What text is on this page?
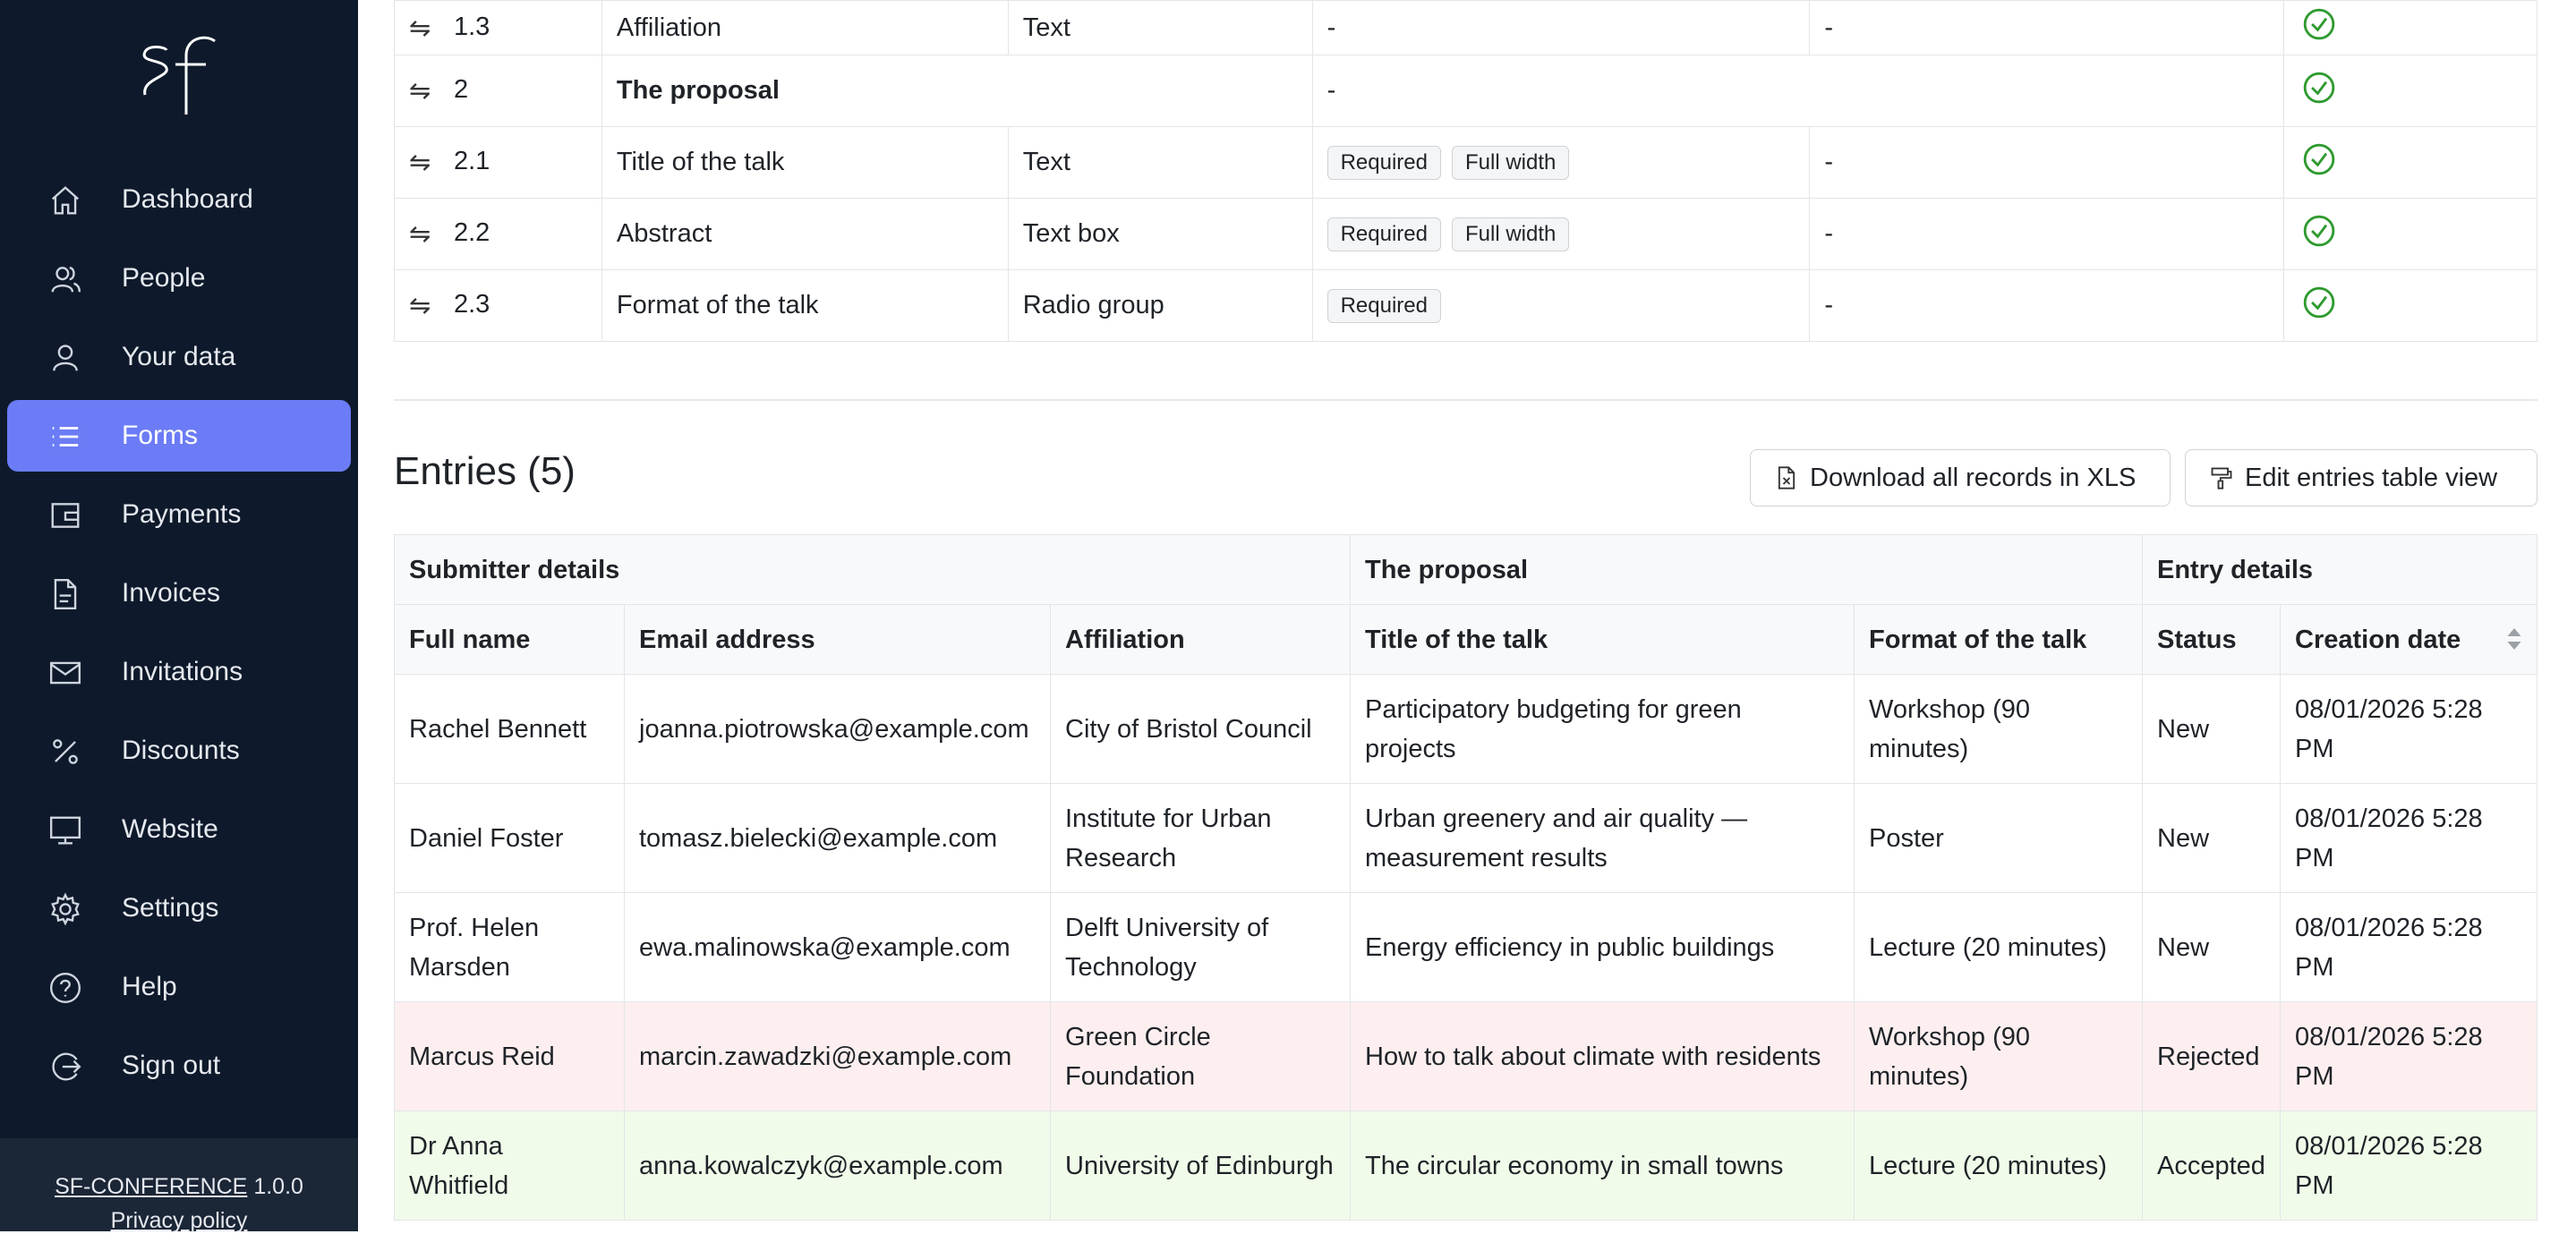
Dashboard
People
Your data
Forms
Payments
Invoices
Invitations
Discounts
Website
Settings
Help
Sign out
SF-CONFERENCE 1.0.0
Privacy policy
⇋ 1.3	Affiliation	Text	-	-	
⇋ 2	The proposal		-	
⇋ 2.1	Title of the talk	Text	Required Full width	-	
⇋ 2.2	Abstract	Text box	Required Full width	-	
⇋ 2.3	Format of the talk	Radio group	Required	-	
Entries (5)	Download all records in XLS	Edit entries table view
Submitter details			The proposal		Entry details	
Full name	Email address	Affiliation	Title of the talk	Format of the talk	Status	Creation date

Rachel Bennett	joanna.piotrowska@example.com	City of Bristol Council	Participatory budgeting for green projects	Workshop (90 minutes)	New	08/01/2026 5:28 PM
Daniel Foster	tomasz.bielecki@example.com	Institute for Urban Research	Urban greenery and air quality — measurement results	Poster	New	08/01/2026 5:28 PM
Prof. Helen Marsden	ewa.malinowska@example.com	Delft University of Technology	Energy efficiency in public buildings	Lecture (20 minutes)	New	08/01/2026 5:28 PM
Marcus Reid	marcin.zawadzki@example.com	Green Circle Foundation	How to talk about climate with residents	Workshop (90 minutes)	Rejected	08/01/2026 5:28 PM
Dr Anna Whitfield	anna.kowalczyk@example.com	University of Edinburgh	The circular economy in small towns	Lecture (20 minutes)	Accepted	08/01/2026 5:28 PM
